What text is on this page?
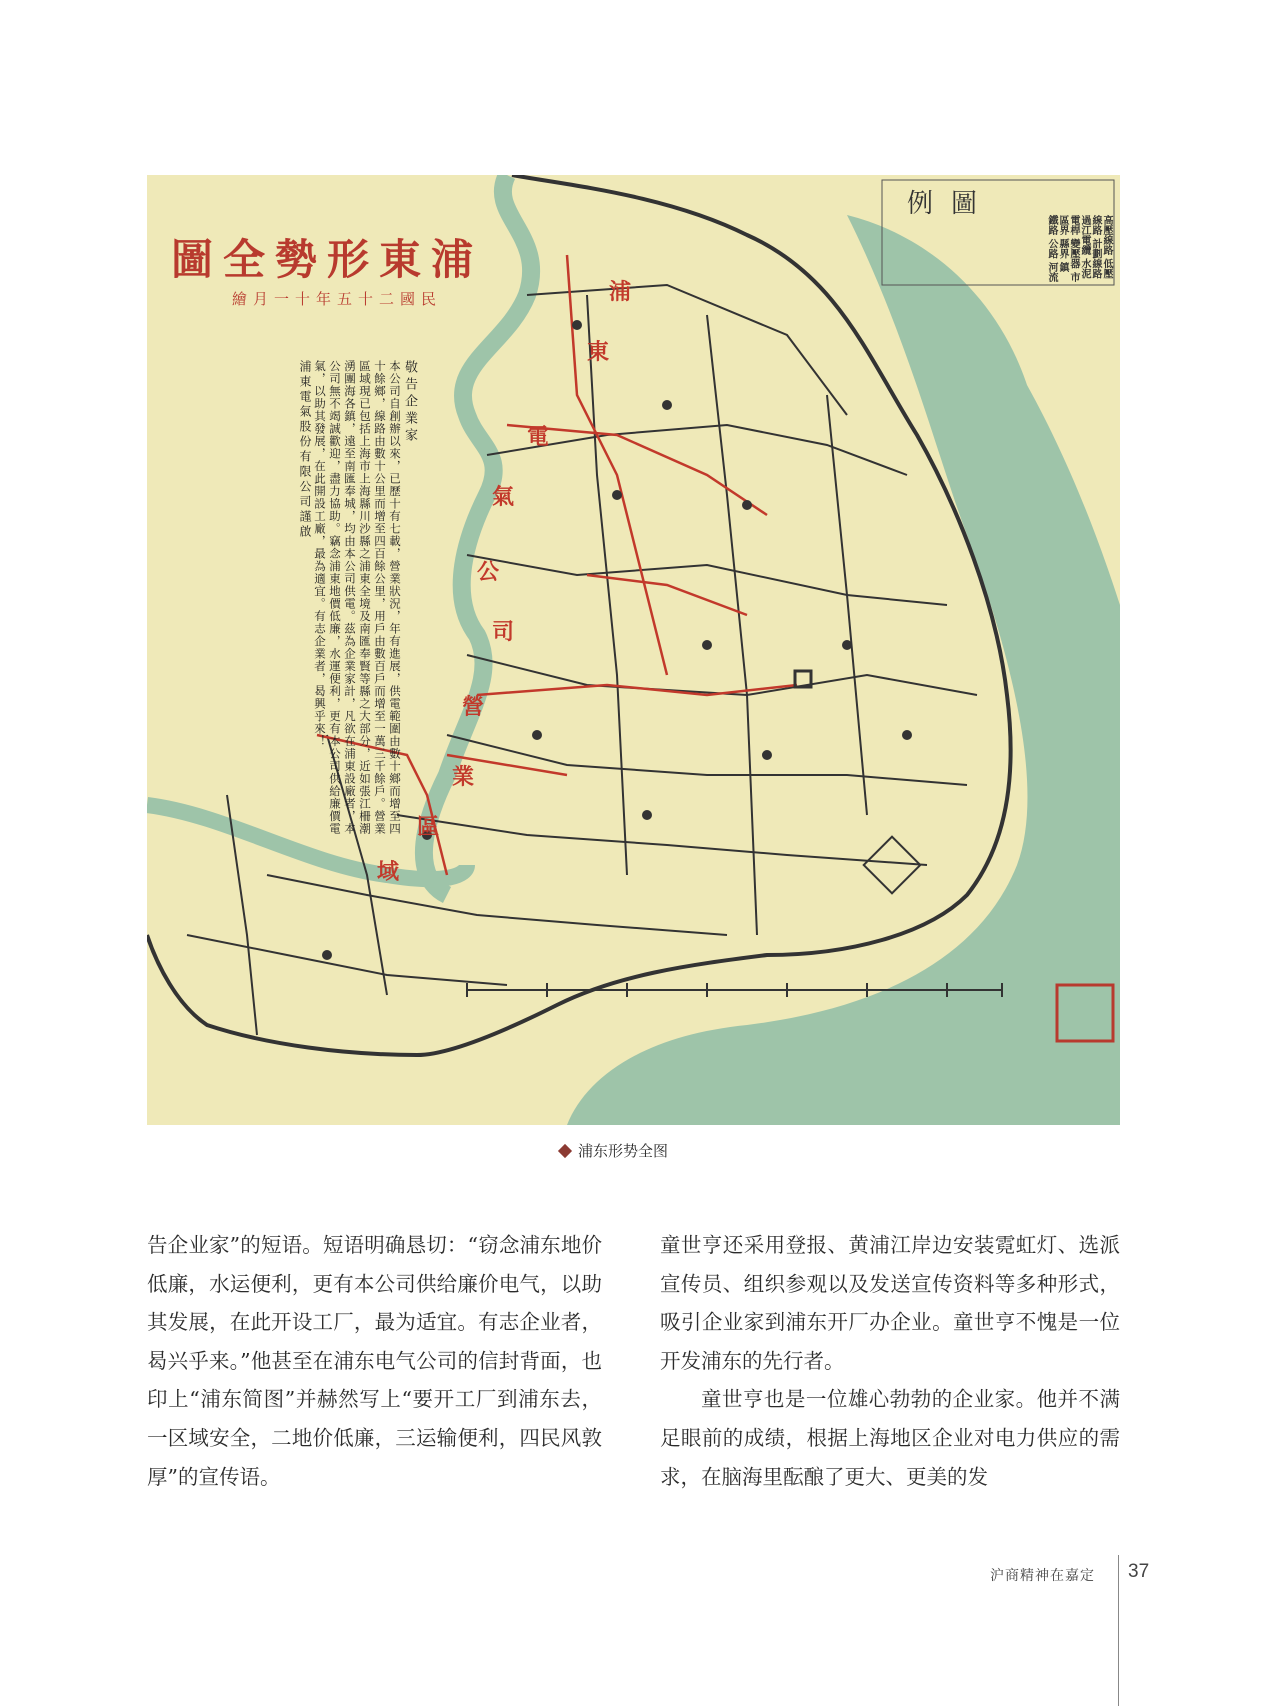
浦東形勢全圖
民國二十五年十一月繪
敬告企業家
本公司自創辦以來，已歷十有七載，營業狀況，年有進展，供電範圍由數十鄉而增至四十餘鄉，線路由數十公里而增至四百餘公里，用戶由數百戶而增至一萬三千餘戶。營業區域現已包括上海市上海縣川沙縣之浦東全境及南匯奉賢等縣之大部分，近如張江柵潮湧團海各鎮，遠至南匯奉城，均由本公司供電。茲為企業家計，凡欲在浦東設廠者，本公司無不竭誠歡迎，盡力協助。竊念浦東地價低廉，水運便利，更有本公司供給廉價電氣，以助其發展，在此開設工廠，最為適宜。有志企業者，曷興乎來！
浦東電氣股份有限公司謹啟
圖例
高壓線路 低壓線路 計劃線路 過江電纜 水泥電桿 變壓器 市區界 縣界 鎮 鐵路 公路 河流
浦
東
電
氣
公
司
營
業
區
域
浦东形势全图

告企业家”的短语。短语明确恳切：“窃念浦东地价低廉，水运便利，更有本公司供给廉价电气，以助其发展，在此开设工厂，最为适宜。有志企业者，曷兴乎来。”他甚至在浦东电气公司的信封背面，也印上“浦东简图”并赫然写上“要开工厂到浦东去，一区域安全，二地价低廉，三运输便利，四民风敦厚”的宣传语。

童世亨还采用登报、黄浦江岸边安装霓虹灯、选派宣传员、组织参观以及发送宣传资料等多种形式，吸引企业家到浦东开厂办企业。童世亨不愧是一位开发浦东的先行者。

童世亨也是一位雄心勃勃的企业家。他并不满足眼前的成绩，根据上海地区企业对电力供应的需求，在脑海里酝酿了更大、更美的发

沪商精神在嘉定 37
